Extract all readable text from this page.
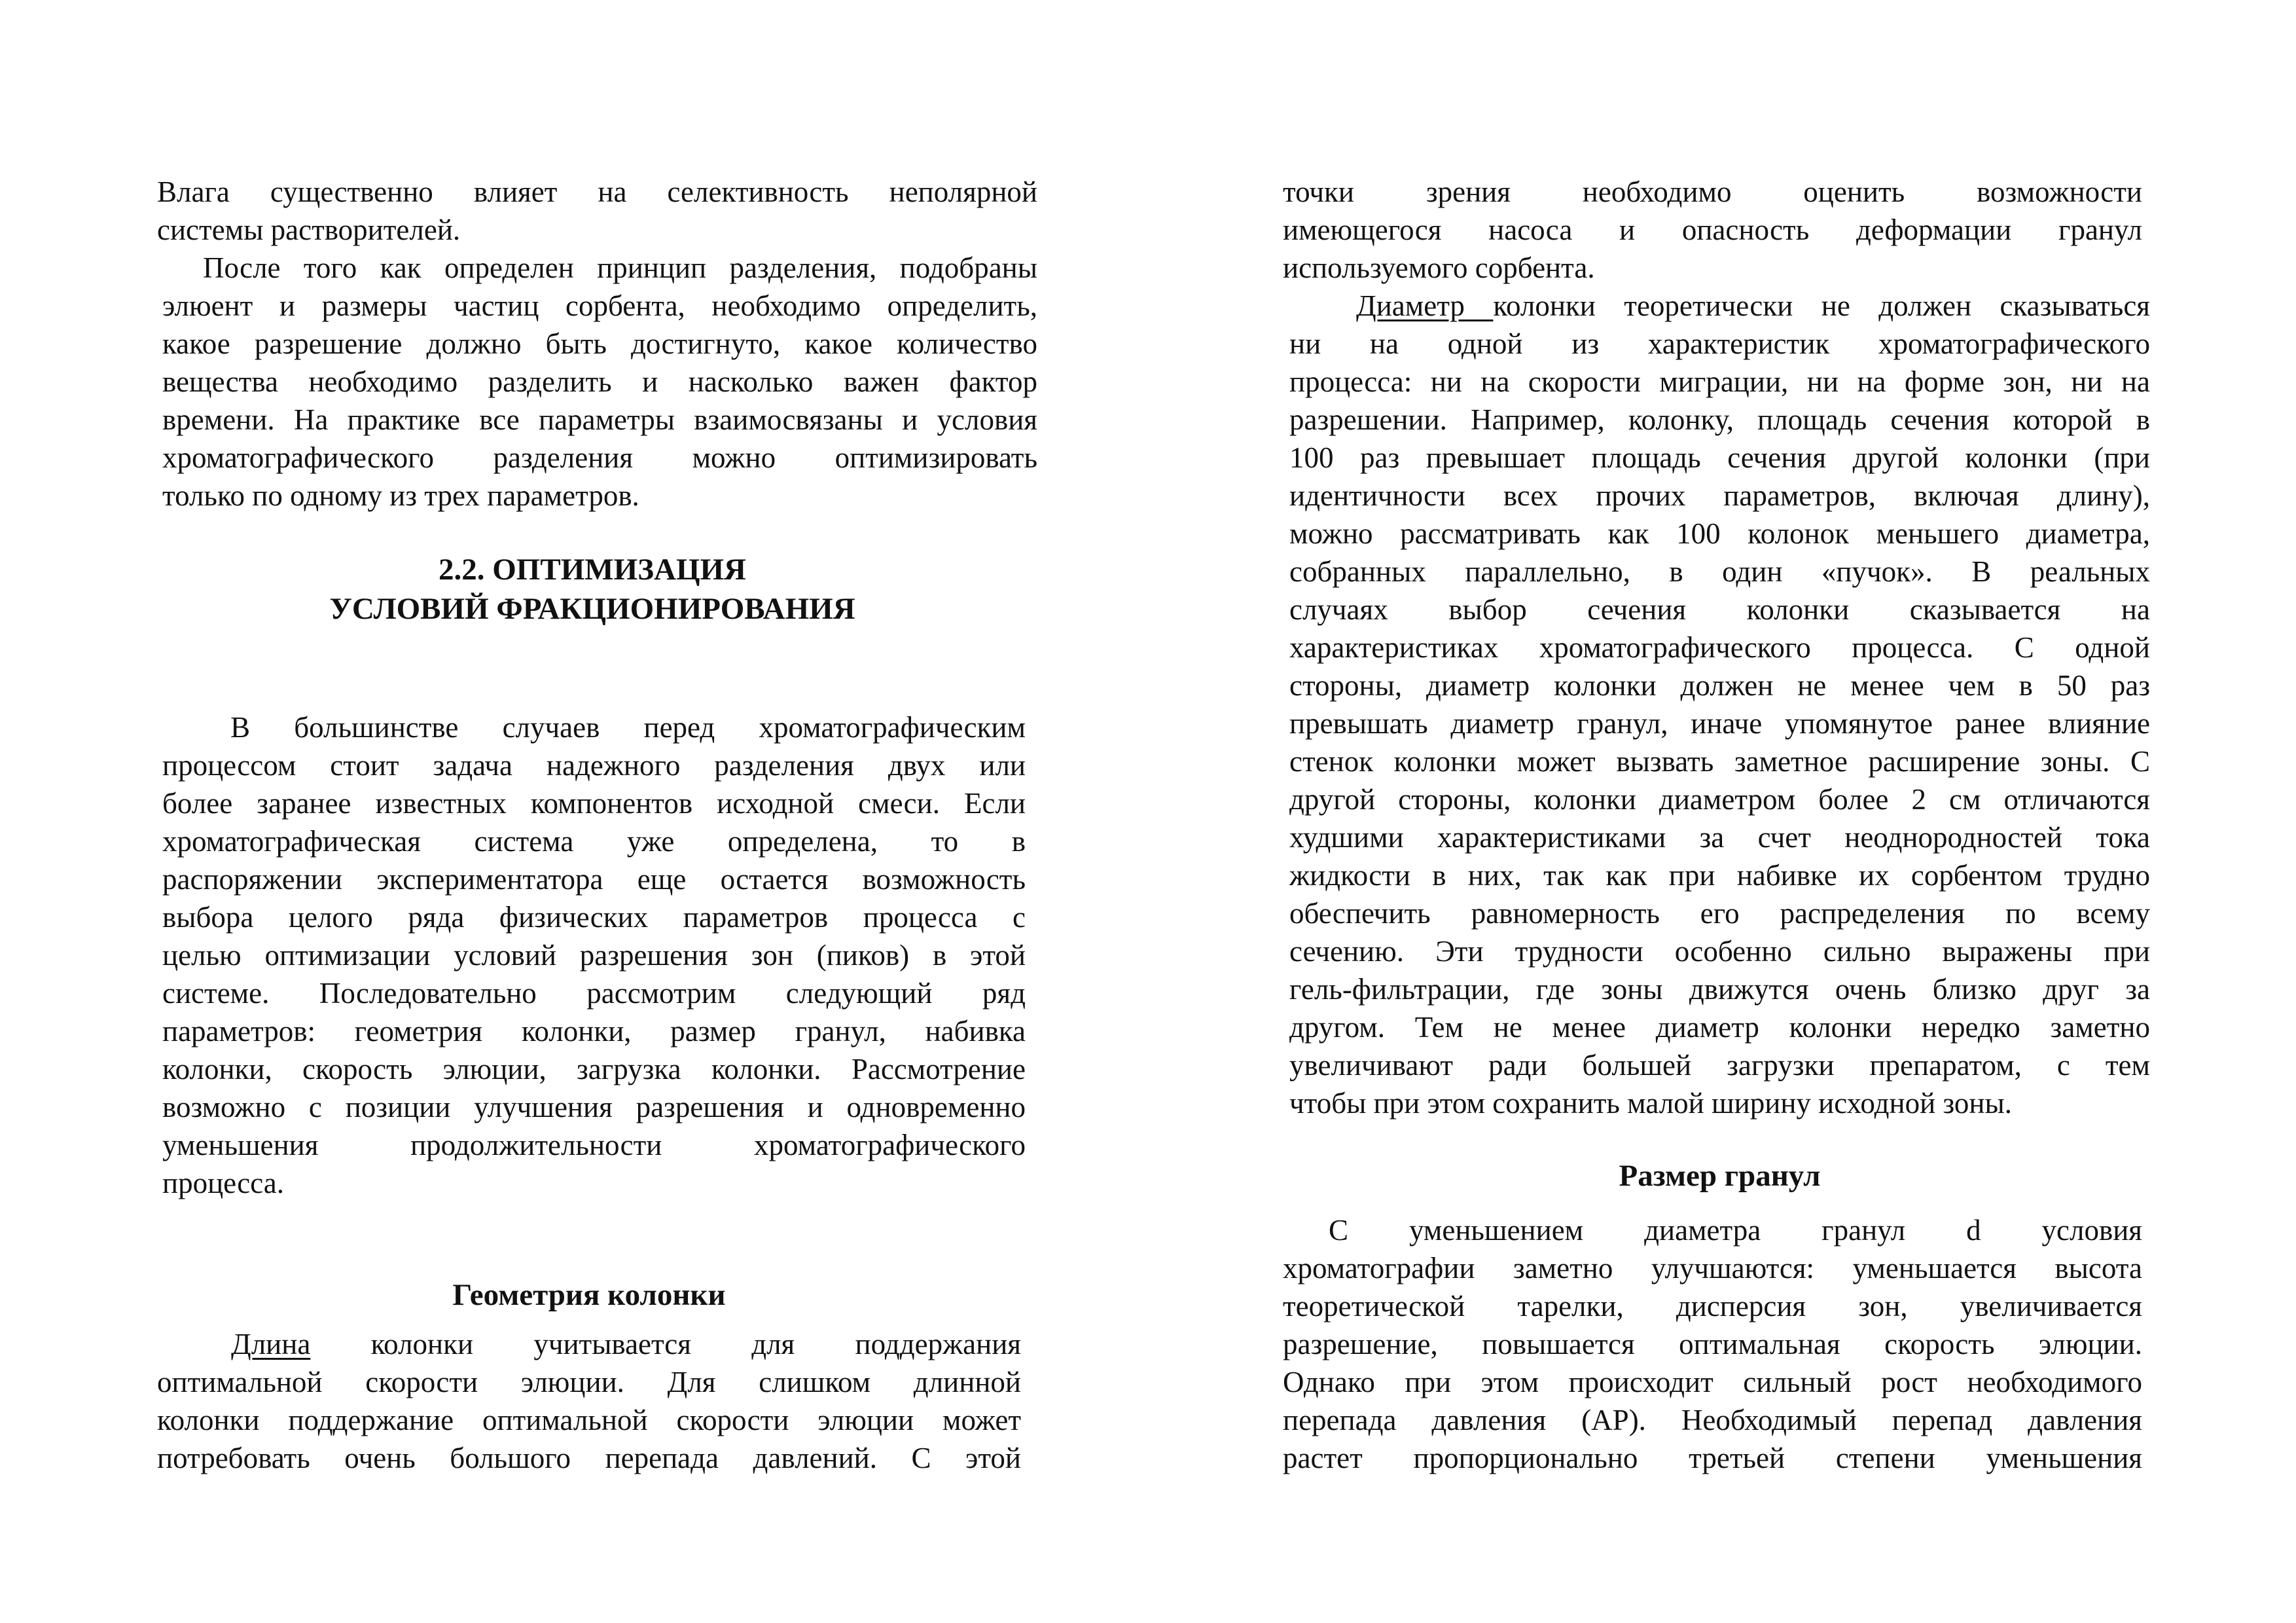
Влага существенно влияет на селективность неполярной
системы растворителей.
После того как определен принцип разделения, подобраны
элюент и размеры частиц сорбента, необходимо определить,
какое разрешение должно быть достигнуто, какое количество
вещества необходимо разделить и насколько важен фактор
времени. На практике все параметры взаимосвязаны и условия
хроматографического разделения можно оптимизировать
только по одному из трех параметров.
2.2. ОПТИМИЗАЦИЯ
УСЛОВИЙ ФРАКЦИОНИРОВАНИЯ
В большинстве случаев перед хроматографическим
процессом стоит задача надежного разделения двух или
более заранее известных компонентов исходной смеси. Если
хроматографическая система уже определена, то в
распоряжении экспериментатора еще остается возможность
выбора целого ряда физических параметров процесса с
целью оптимизации условий разрешения зон (пиков) в этой
системе. Последовательно рассмотрим следующий ряд
параметров: геометрия колонки, размер гранул, набивка
колонки, скорость элюции, загрузка колонки. Рассмотрение
возможно с позиции улучшения разрешения и одновременно
уменьшения продолжительности хроматографического
процесса.
Геометрия колонки
Длина колонки учитывается для поддержания
оптимальной скорости элюции. Для слишком длинной
колонки поддержание оптимальной скорости элюции может
потребовать очень большого перепада давлений. С этой
точки зрения необходимо оценить возможности
имеющегося насоса и опасность деформации гранул
используемого сорбента.
Диаметр колонки теоретически не должен сказываться
ни на одной из характеристик хроматографического
процесса: ни на скорости миграции, ни на форме зон, ни на
разрешении. Например, колонку, площадь сечения которой в
100 раз превышает площадь сечения другой колонки (при
идентичности всех прочих параметров, включая длину),
можно рассматривать как 100 колонок меньшего диаметра,
собранных параллельно, в один «пучок». В реальных
случаях выбор сечения колонки сказывается на
характеристиках хроматографического процесса. С одной
стороны, диаметр колонки должен не менее чем в 50 раз
превышать диаметр гранул, иначе упомянутое ранее влияние
стенок колонки может вызвать заметное расширение зоны. С
другой стороны, колонки диаметром более 2 см отличаются
худшими характеристиками за счет неоднородностей тока
жидкости в них, так как при набивке их сорбентом трудно
обеспечить равномерность его распределения по всему
сечению. Эти трудности особенно сильно выражены при
гель-фильтрации, где зоны движутся очень близко друг за
другом. Тем не менее диаметр колонки нередко заметно
увеличивают ради большей загрузки препаратом, с тем
чтобы при этом сохранить малой ширину исходной зоны.
Размер гранул
С уменьшением диаметра гранул d условия
хроматографии заметно улучшаются: уменьшается высота
теоретической тарелки, дисперсия зон, увеличивается
разрешение, повышается оптимальная скорость элюции.
Однако при этом происходит сильный рост необходимого
перепада давления (АР). Необходимый перепад давления
растет пропорционально третьей степени уменьшения
